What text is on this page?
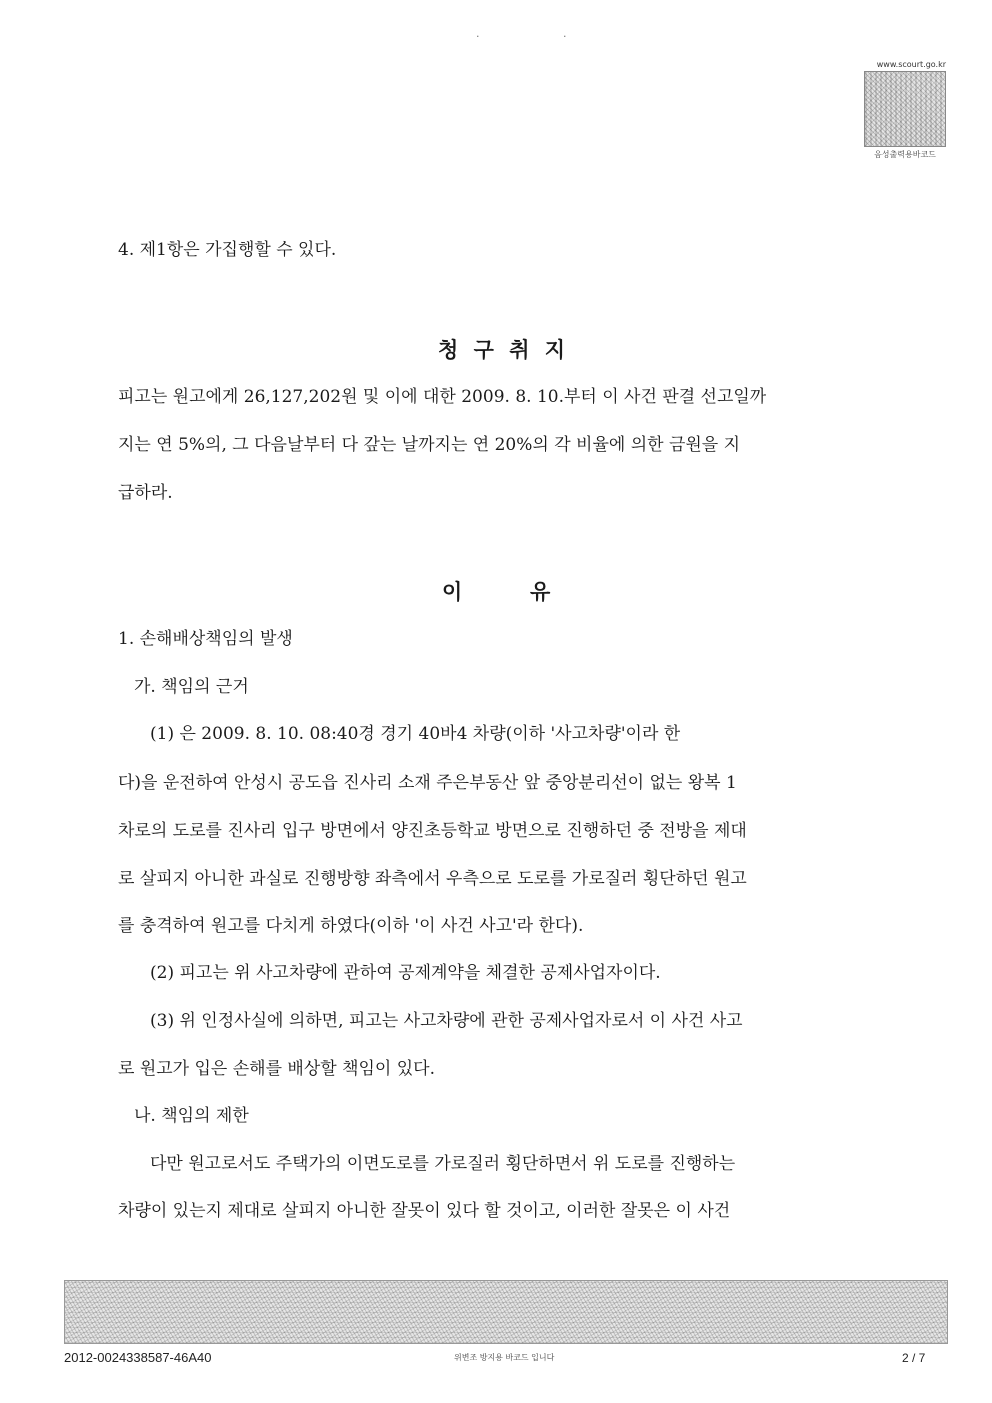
· ·
www.scourt.go.kr
음성출력용바코드
4. 제1항은 가집행할 수 있다.
청 구 취 지
피고는 원고에게 26,127,202원 및 이에 대한 2009. 8. 10.부터 이 사건 판결 선고일까
지는 연 5%의, 그 다음날부터 다 갚는 날까지는 연 20%의 각 비율에 의한 금원을 지
급하라.
이	유
1. 손해배상책임의 발생
가. 책임의 근거
(1) 은 2009. 8. 10. 08:40경 경기 40바4 차량(이하 '사고차량'이라 한
다)을 운전하여 안성시 공도읍 진사리 소재 주은부동산 앞 중앙분리선이 없는 왕복 1
차로의 도로를 진사리 입구 방면에서 양진초등학교 방면으로 진행하던 중 전방을 제대
로 살피지 아니한 과실로 진행방향 좌측에서 우측으로 도로를 가로질러 횡단하던 원고
를 충격하여 원고를 다치게 하였다(이하 '이 사건 사고'라 한다).
(2) 피고는 위 사고차량에 관하여 공제계약을 체결한 공제사업자이다.
(3) 위 인정사실에 의하면, 피고는 사고차량에 관한 공제사업자로서 이 사건 사고
로 원고가 입은 손해를 배상할 책임이 있다.
나. 책임의 제한
다만 원고로서도 주택가의 이면도로를 가로질러 횡단하면서 위 도로를 진행하는
차량이 있는지 제대로 살피지 아니한 잘못이 있다 할 것이고, 이러한 잘못은 이 사건
2012-0024338587-46A40	위변조 방지용 바코드 입니다	2 / 7
